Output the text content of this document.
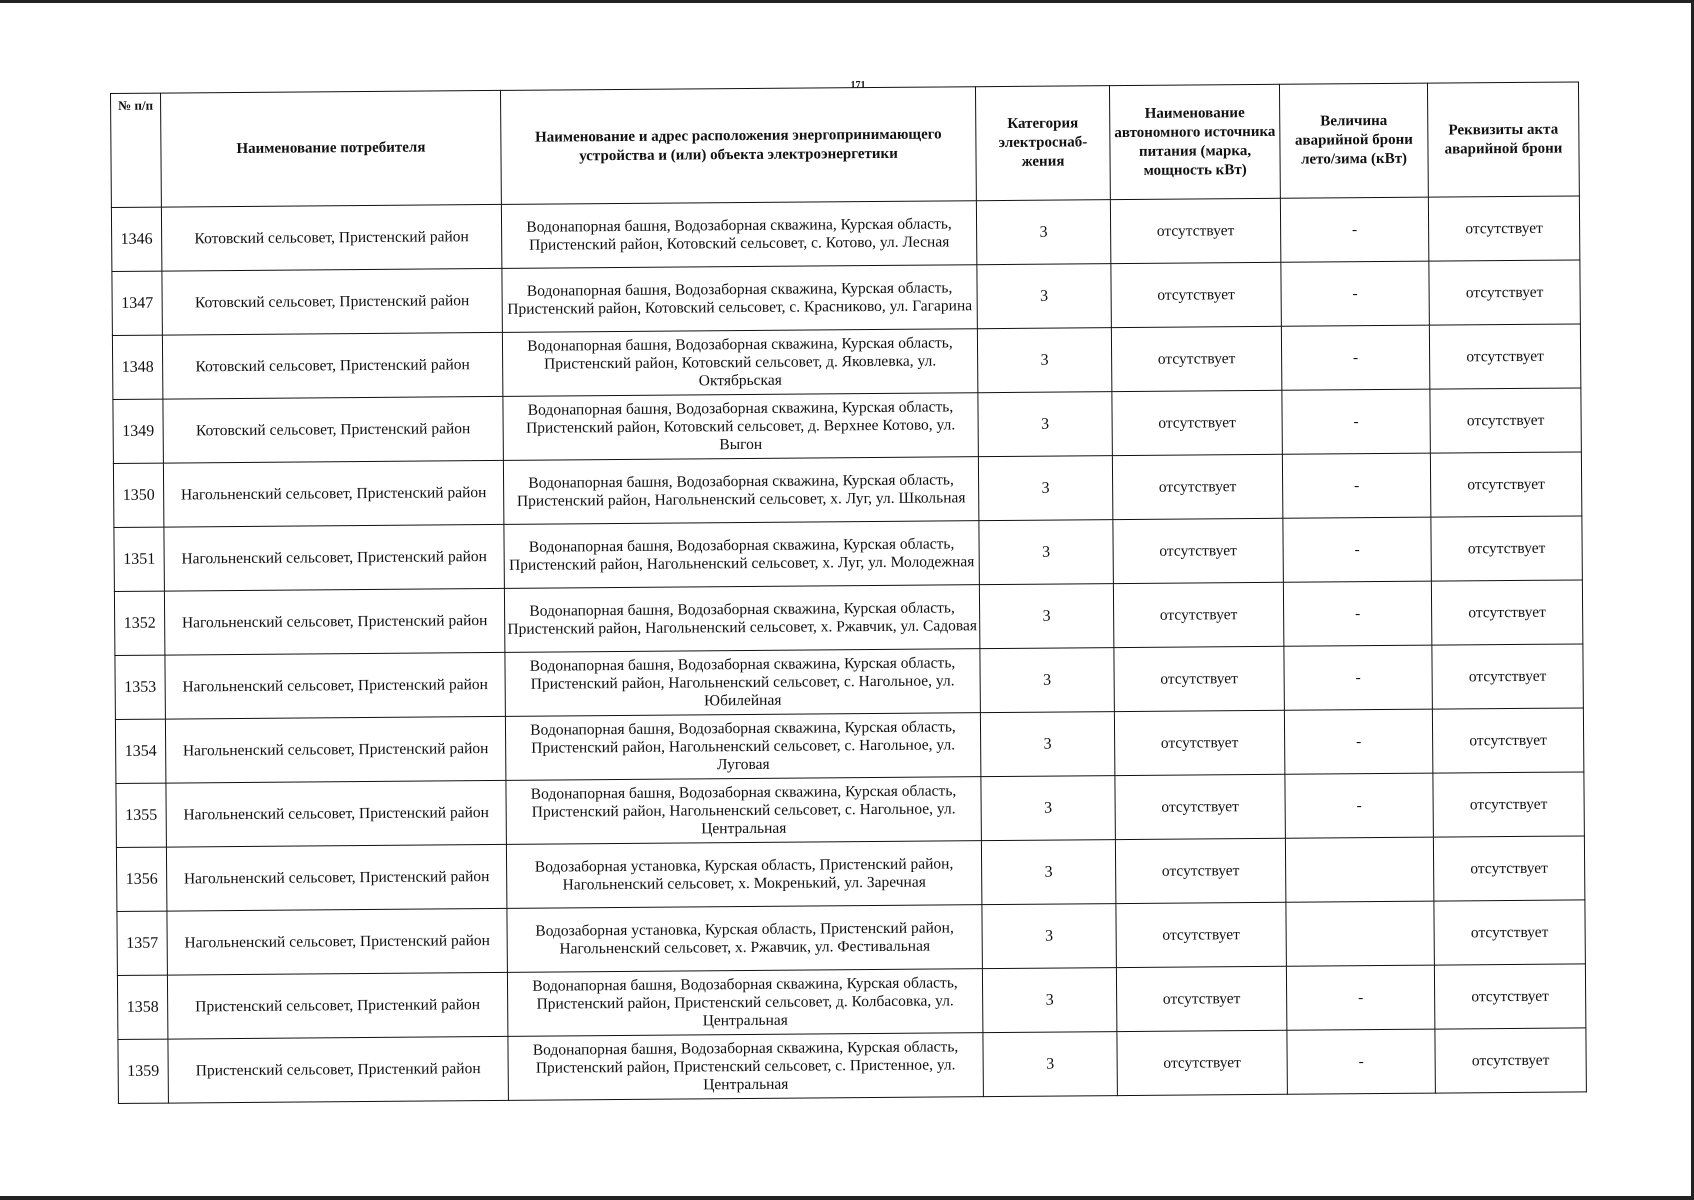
171
№ п/п	Наименование потребителя	Наименование и адрес расположения энергопринимающего устройства и (или) объекта электроэнергетики	Категория электроснаб-жения	Наименование автономного источника питания (марка, мощность кВт)	Величина аварийной брони лето/зима (кВт)	Реквизиты акта аварийной брони
1346	Котовский сельсовет, Пристенский район	Водонапорная башня, Водозаборная скважина, Курская область, Пристенский район, Котовский сельсовет, с. Котово, ул. Лесная	3	отсутствует	-	отсутствует
1347	Котовский сельсовет, Пристенский район	Водонапорная башня, Водозаборная скважина, Курская область, Пристенский район, Котовский сельсовет, с. Красниково, ул. Гагарина	3	отсутствует	-	отсутствует
1348	Котовский сельсовет, Пристенский район	Водонапорная башня, Водозаборная скважина, Курская область, Пристенский район, Котовский сельсовет, д. Яковлевка, ул. Октябрьская	3	отсутствует	-	отсутствует
1349	Котовский сельсовет, Пристенский район	Водонапорная башня, Водозаборная скважина, Курская область, Пристенский район, Котовский сельсовет, д. Верхнее Котово, ул. Выгон	3	отсутствует	-	отсутствует
1350	Нагольненский сельсовет, Пристенский район	Водонапорная башня, Водозаборная скважина, Курская область, Пристенский район, Нагольненский сельсовет, х. Луг, ул. Школьная	3	отсутствует	-	отсутствует
1351	Нагольненский сельсовет, Пристенский район	Водонапорная башня, Водозаборная скважина, Курская область, Пристенский район, Нагольненский сельсовет, х. Луг, ул. Молодежная	3	отсутствует	-	отсутствует
1352	Нагольненский сельсовет, Пристенский район	Водонапорная башня, Водозаборная скважина, Курская область, Пристенский район, Нагольненский сельсовет, х. Ржавчик, ул. Садовая	3	отсутствует	-	отсутствует
1353	Нагольненский сельсовет, Пристенский район	Водонапорная башня, Водозаборная скважина, Курская область, Пристенский район, Нагольненский сельсовет, с. Нагольное, ул. Юбилейная	3	отсутствует	-	отсутствует
1354	Нагольненский сельсовет, Пристенский район	Водонапорная башня, Водозаборная скважина, Курская область, Пристенский район, Нагольненский сельсовет, с. Нагольное, ул. Луговая	3	отсутствует	-	отсутствует
1355	Нагольненский сельсовет, Пристенский район	Водонапорная башня, Водозаборная скважина, Курская область, Пристенский район, Нагольненский сельсовет, с. Нагольное, ул. Центральная	3	отсутствует	-	отсутствует
1356	Нагольненский сельсовет, Пристенский район	Водозаборная установка, Курская область, Пристенский район, Нагольненский сельсовет, х. Мокренький, ул. Заречная	3	отсутствует		отсутствует
1357	Нагольненский сельсовет, Пристенский район	Водозаборная установка, Курская область, Пристенский район, Нагольненский сельсовет, х. Ржавчик, ул. Фестивальная	3	отсутствует		отсутствует
1358	Пристенский сельсовет, Пристенкий район	Водонапорная башня, Водозаборная скважина, Курская область, Пристенский район, Пристенский сельсовет, д. Колбасовка, ул. Центральная	3	отсутствует	-	отсутствует
1359	Пристенский сельсовет, Пристенкий район	Водонапорная башня, Водозаборная скважина, Курская область, Пристенский район, Пристенский сельсовет, с. Пристенное, ул. Центральная	3	отсутствует	-	отсутствует
